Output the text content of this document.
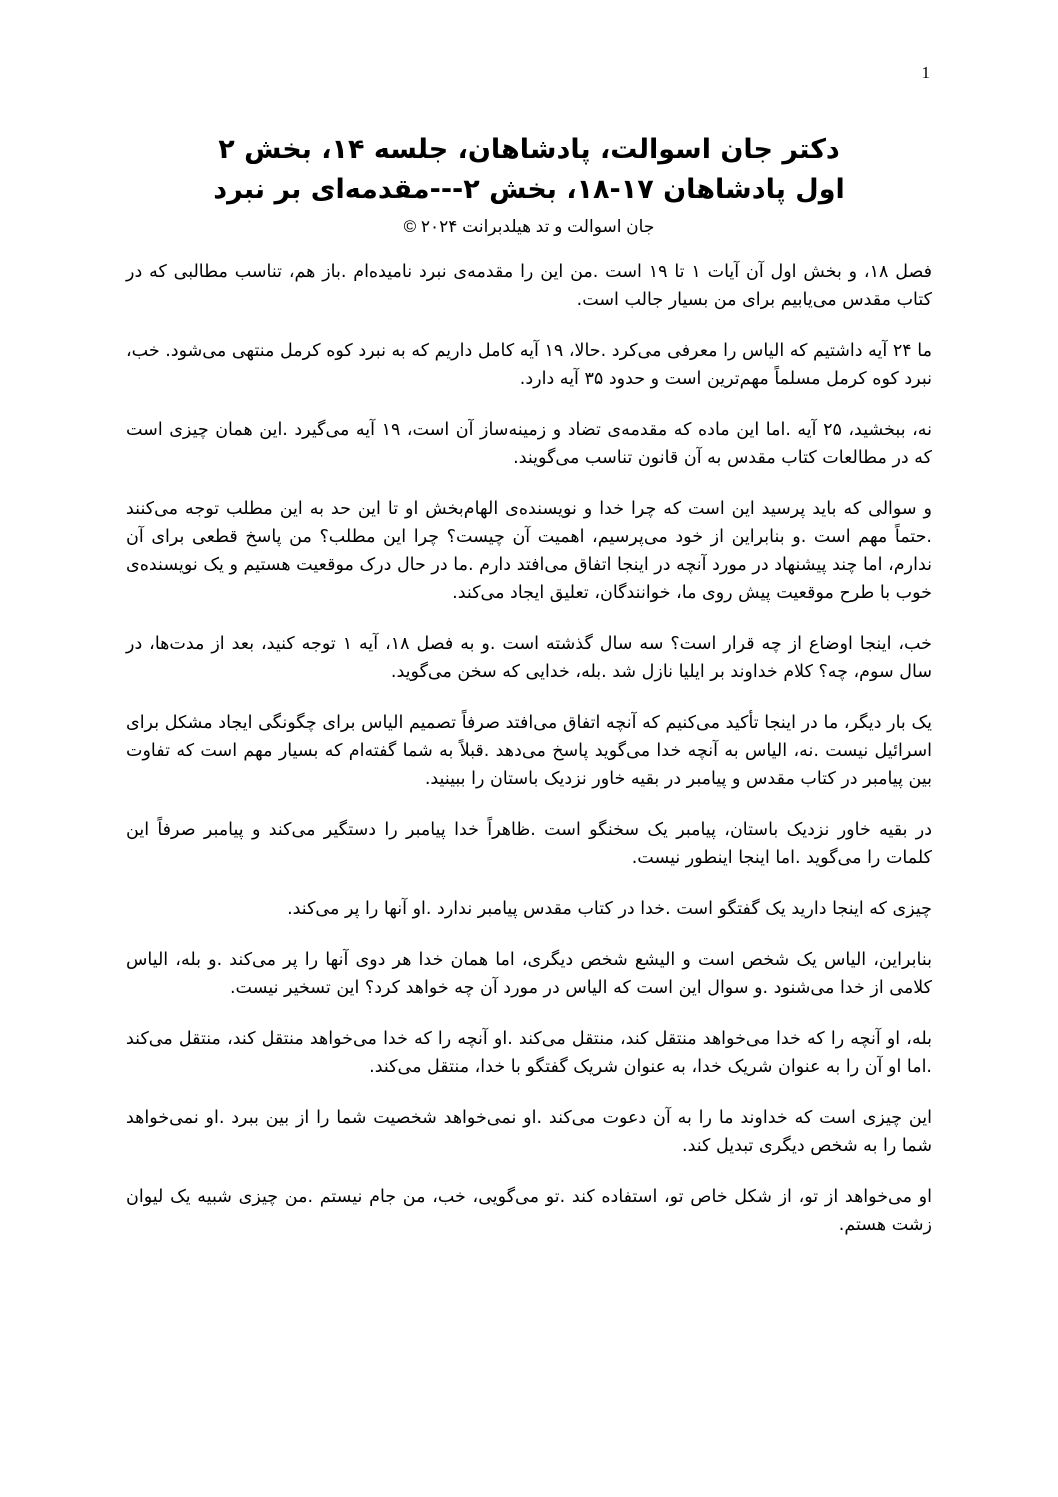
1
دکتر جان اسوالت، پادشاهان، جلسه ۱۴، بخش ۲
اول پادشاهان ۱۷-۱۸، بخش ۲---مقدمه‌ای بر نبرد
جان اسوالت و تد هیلدبرانت ۲۰۲۴ ©

فصل ۱۸، و بخش اول آن آیات ۱ تا ۱۹ است .من این را مقدمه‌ی نبرد نامیده‌ام .باز هم، تناسب مطالبی که در کتاب مقدس می‌یابیم برای من بسیار جالب است.

ما ۲۴ آیه داشتیم که الیاس را معرفی می‌کرد .حالا، ۱۹ آیه کامل داریم که به نبرد کوه کرمل منتهی می‌شود. خب، نبرد کوه کرمل مسلماً مهم‌ترین است و حدود ۳۵ آیه دارد.

نه، ببخشید، ۲۵ آیه .اما این ماده که مقدمه‌ی تضاد و زمینه‌ساز آن است، ۱۹ آیه می‌گیرد .این همان چیزی است که در مطالعات کتاب مقدس به آن قانون تناسب می‌گویند.

و سوالی که باید پرسید این است که چرا خدا و نویسنده‌ی الهام‌بخش او تا این حد به این مطلب توجه می‌کنند .حتماً مهم است .و بنابراین از خود می‌پرسیم، اهمیت آن چیست؟ چرا این مطلب؟ من پاسخ قطعی برای آن ندارم، اما چند پیشنهاد در مورد آنچه در اینجا اتفاق می‌افتد دارم .ما در حال درک موقعیت هستیم و یک نویسنده‌ی خوب با طرح موقعیت پیش روی ما، خوانندگان، تعلیق ایجاد می‌کند.

خب، اینجا اوضاع از چه قرار است؟ سه سال گذشته است .و به فصل ۱۸، آیه ۱ توجه کنید، بعد از مدت‌ها، در سال سوم، چه؟ کلام خداوند بر ایلیا نازل شد .بله، خدایی که سخن می‌گوید.

یک بار دیگر، ما در اینجا تأکید می‌کنیم که آنچه اتفاق می‌افتد صرفاً تصمیم الیاس برای چگونگی ایجاد مشکل برای اسرائیل نیست .نه، الیاس به آنچه خدا می‌گوید پاسخ می‌دهد .قبلاً به شما گفته‌ام که بسیار مهم است که تفاوت بین پیامبر در کتاب مقدس و پیامبر در بقیه خاور نزدیک باستان را ببینید.

در بقیه خاور نزدیک باستان، پیامبر یک سخنگو است .ظاهراً خدا پیامبر را دستگیر می‌کند و پیامبر صرفاً این کلمات را می‌گوید .اما اینجا اینطور نیست.

چیزی که اینجا دارید یک گفتگو است .خدا در کتاب مقدس پیامبر ندارد .او آنها را پر می‌کند.

بنابراین، الیاس یک شخص است و الیشع شخص دیگری، اما همان خدا هر دوی آنها را پر می‌کند .و بله، الیاس کلامی از خدا می‌شنود .و سوال این است که الیاس در مورد آن چه خواهد کرد؟ این تسخیر نیست.

بله، او آنچه را که خدا می‌خواهد منتقل کند، منتقل می‌کند .او آنچه را که خدا می‌خواهد منتقل کند، منتقل می‌کند .اما او آن را به عنوان شریک خدا، به عنوان شریک گفتگو با خدا، منتقل می‌کند.

این چیزی است که خداوند ما را به آن دعوت می‌کند .او نمی‌خواهد شخصیت شما را از بین ببرد .او نمی‌خواهد شما را به شخص دیگری تبدیل کند.

او می‌خواهد از تو، از شکل خاص تو، استفاده کند .تو می‌گویی، خب، من جام نیستم .من چیزی شبیه یک لیوان زشت هستم.
